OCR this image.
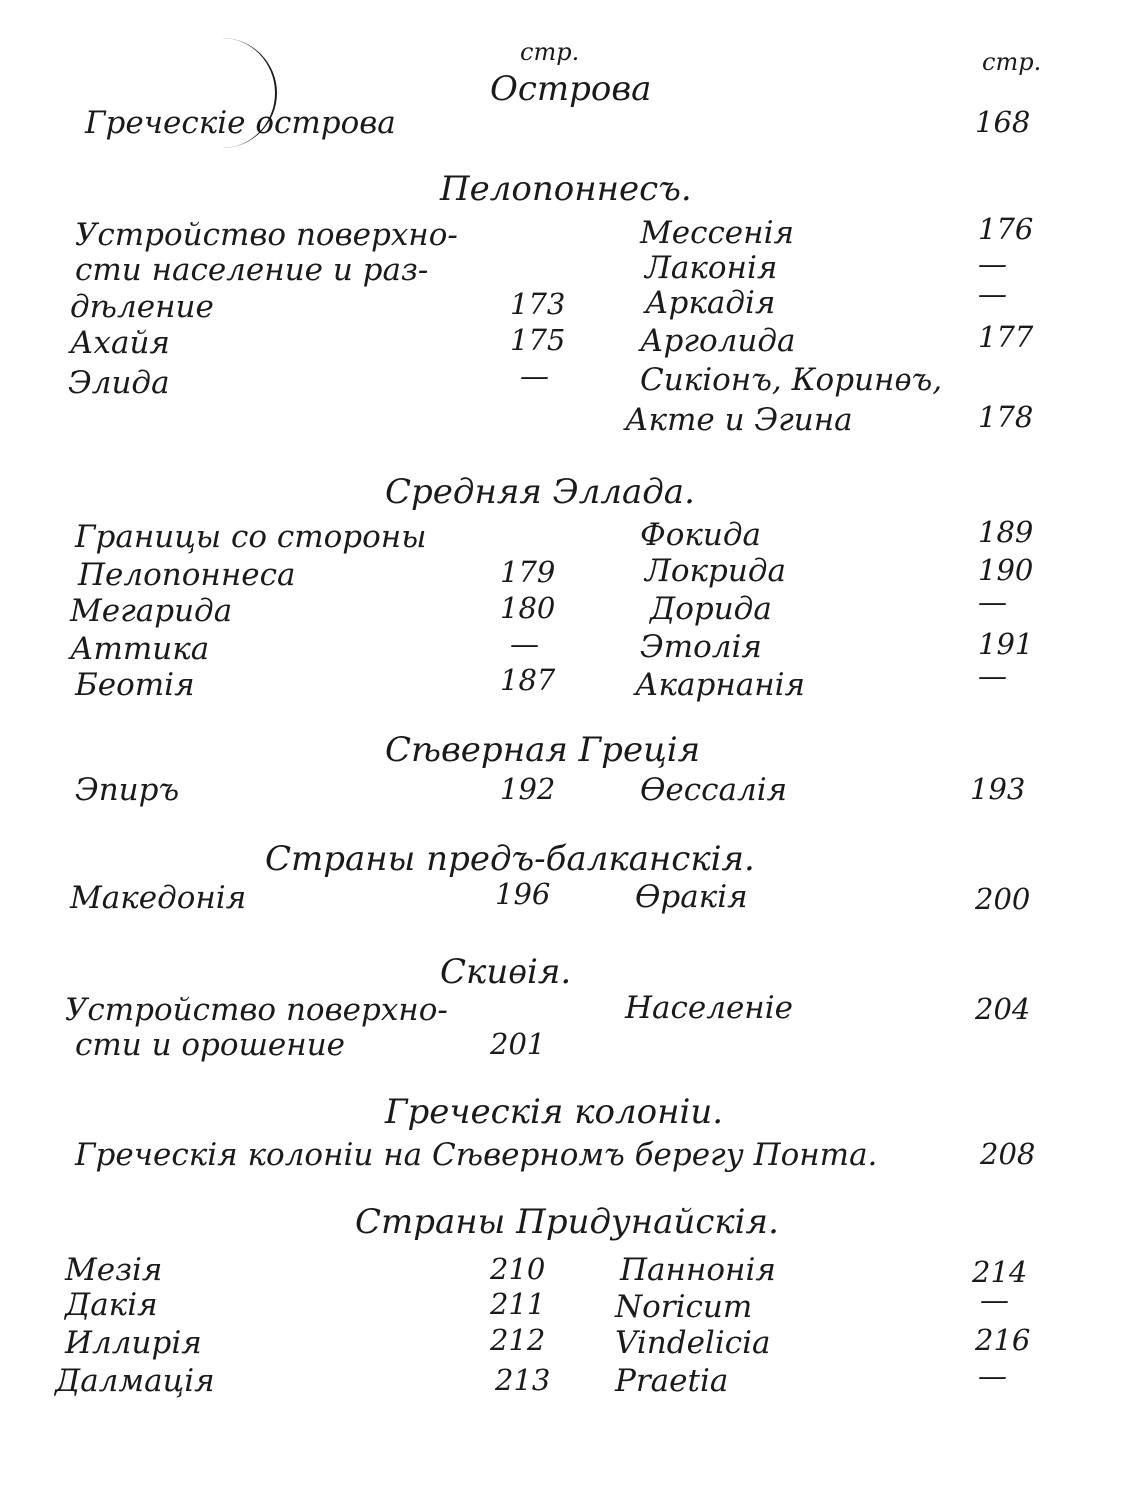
стр.	стр.
Острова
Греческіе острова	168
Пелопоннесъ.
Устройство поверхно-
сти население и раз-
дѣление	173
Ахайя	175
Элида	—
Мессенія	176
Лаконія	—
Аркадія	—
Арголида	177
Сикіонъ, Коринѳъ,
Акте и Эгина	178
Средняя Эллада.
Границы со стороны
Пелопоннеса	179
Мегарида	180
Аттика	—
Беотія	187
Фокида	189
Локрида	190
Дорида	—
Этолія	191
Акарнанія	—
Сѣверная Греція
Эпиръ	192	Ѳессалія	193
Страны предъ-балканскія.
Македонія	196	Ѳракія	200
Скиѳія.
Устройство поверхно-
сти и орошение	201
Населеніе	204
Греческія колоніи.
Греческія колоніи на Сѣверномъ берегу Понта.	208
Страны Придунайскія.
Мезія	210
Дакія	211
Иллирія	212
Далмація	213
Паннонія	214
Noricum	—
Vindelicia	216
Praetia	—
